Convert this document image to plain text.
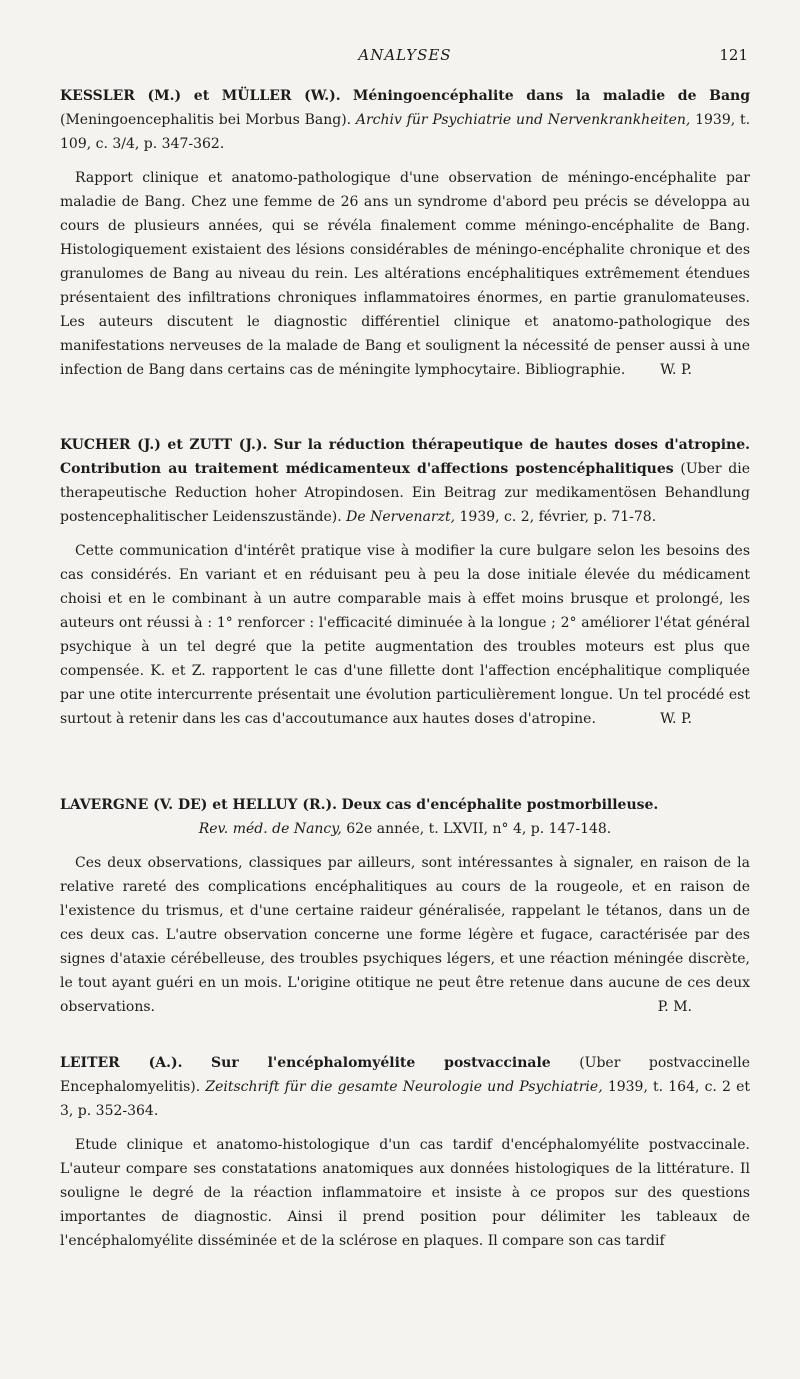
ANALYSES	121
KESSLER (M.) et MÜLLER (W.). Méningoencéphalite dans la maladie de Bang (Meningoencephalitis bei Morbus Bang). Archiv für Psychiatrie und Nervenkrankheiten, 1939, t. 109, c. 3/4, p. 347-362.
Rapport clinique et anatomo-pathologique d'une observation de méningo-encéphalite par maladie de Bang. Chez une femme de 26 ans un syndrome d'abord peu précis se développa au cours de plusieurs années, qui se révéla finalement comme méningo-encéphalite de Bang. Histologiquement existaient des lésions considérables de méningo-encéphalite chronique et des granulomes de Bang au niveau du rein. Les altérations encéphalitiques extrêmement étendues présentaient des infiltrations chroniques inflammatoires énormes, en partie granulomateuses. Les auteurs discutent le diagnostic différentiel clinique et anatomo-pathologique des manifestations nerveuses de la malade de Bang et soulignent la nécessité de penser aussi à une infection de Bang dans certains cas de méningite lymphocytaire. Bibliographie.	W. P.
KUCHER (J.) et ZUTT (J.). Sur la réduction thérapeutique de hautes doses d'atropine. Contribution au traitement médicamenteux d'affections postencéphalitiques (Uber die therapeutische Reduction hoher Atropindosen. Ein Beitrag zur medikamentösen Behandlung postencephalitischer Leidenszustände). De Nervenarzt, 1939, c. 2, février, p. 71-78.
Cette communication d'intérêt pratique vise à modifier la cure bulgare selon les besoins des cas considérés. En variant et en réduisant peu à peu la dose initiale élevée du médicament choisi et en le combinant à un autre comparable mais à effet moins brusque et prolongé, les auteurs ont réussi à : 1° renforcer : l'efficacité diminuée à la longue ; 2° améliorer l'état général psychique à un tel degré que la petite augmentation des troubles moteurs est plus que compensée. K. et Z. rapportent le cas d'une fillette dont l'affection encéphalitique compliquée par une otite intercurrente présentait une évolution particulièrement longue. Un tel procédé est surtout à retenir dans les cas d'accoutumance aux hautes doses d'atropine.	W. P.
LAVERGNE (V. DE) et HELLUY (R.). Deux cas d'encéphalite postmorbilleuse.
Rev. méd. de Nancy, 62e année, t. LXVII, n° 4, p. 147-148.
Ces deux observations, classiques par ailleurs, sont intéressantes à signaler, en raison de la relative rareté des complications encéphalitiques au cours de la rougeole, et en raison de l'existence du trismus, et d'une certaine raideur généralisée, rappelant le tétanos, dans un de ces deux cas. L'autre observation concerne une forme légère et fugace, caractérisée par des signes d'ataxie cérébelleuse, des troubles psychiques légers, et une réaction méningée discrète, le tout ayant guéri en un mois. L'origine otitique ne peut être retenue dans aucune de ces deux observations.	P. M.
LEITER (A.). Sur l'encéphalomyélite postvaccinale (Uber postvaccinelle Encephalomyelitis). Zeitschrift für die gesamte Neurologie und Psychiatrie, 1939, t. 164, c. 2 et 3, p. 352-364.
Etude clinique et anatomo-histologique d'un cas tardif d'encéphalomyélite postvaccinale. L'auteur compare ses constatations anatomiques aux données histologiques de la littérature. Il souligne le degré de la réaction inflammatoire et insiste à ce propos sur des questions importantes de diagnostic. Ainsi il prend position pour délimiter les tableaux de l'encéphalomyélite disséminée et de la sclérose en plaques. Il compare son cas tardif
